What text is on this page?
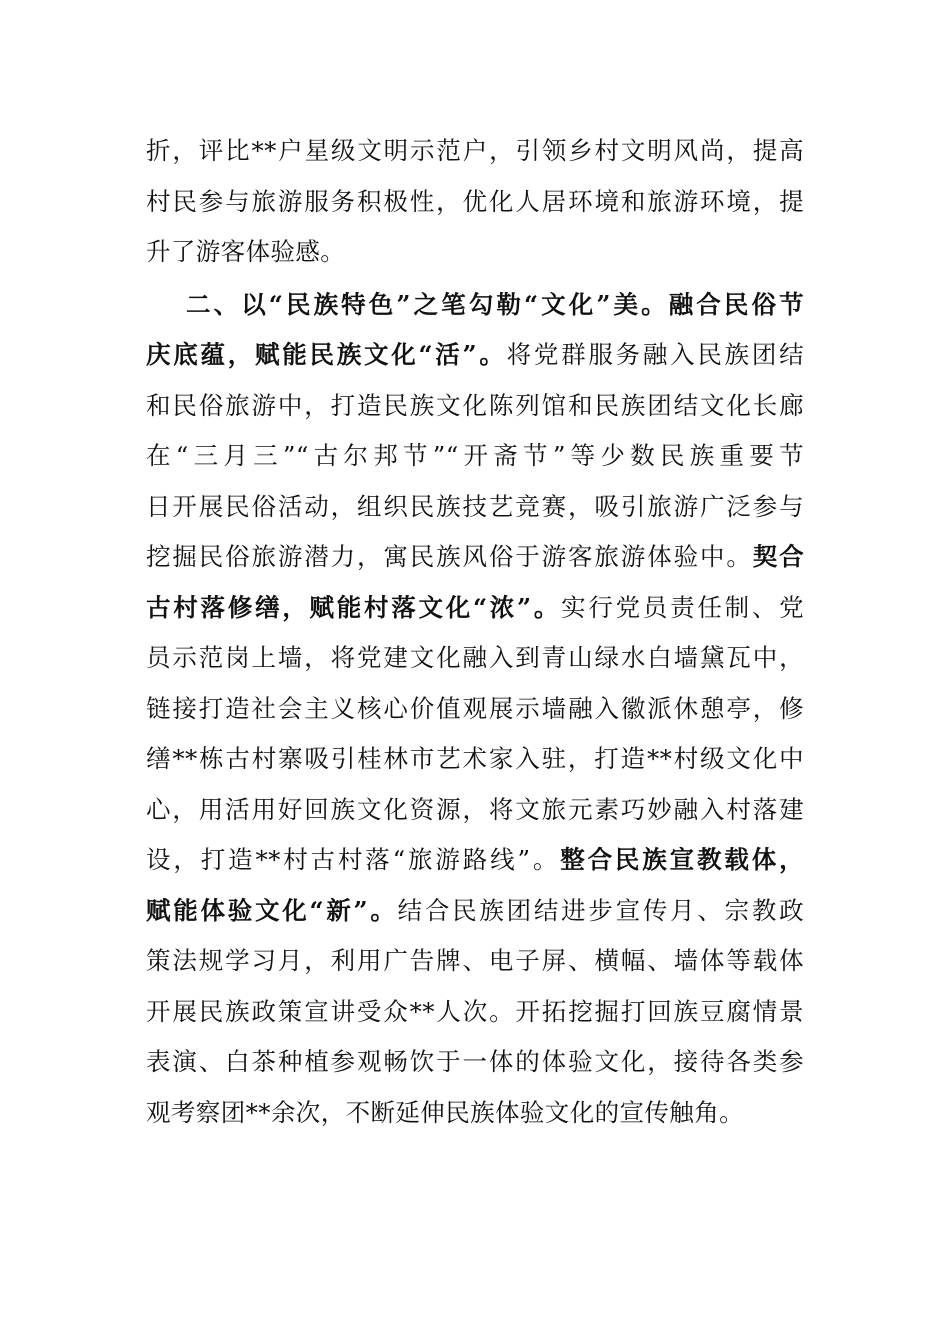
折，评比**户星级文明示范户，引领乡村文明风尚，提高
村民参与旅游服务积极性，优化人居环境和旅游环境，提
升了游客体验感。
二、以“民族特色”之笔勾勒“文化”美。融合民俗节
庆底蕴，赋能民族文化“活”。将党群服务融入民族团结
和民俗旅游中，打造民族文化陈列馆和民族团结文化长廊
在“三月三”“古尔邦节”“开斋节”等少数民族重要节
日开展民俗活动，组织民族技艺竞赛，吸引旅游广泛参与
挖掘民俗旅游潜力，寓民族风俗于游客旅游体验中。契合
古村落修缮，赋能村落文化“浓”。实行党员责任制、党
员示范岗上墙，将党建文化融入到青山绿水白墙黛瓦中，
链接打造社会主义核心价值观展示墙融入徽派休憩亭，修
缮**栋古村寨吸引桂林市艺术家入驻，打造**村级文化中
心，用活用好回族文化资源，将文旅元素巧妙融入村落建
设，打造**村古村落“旅游路线”。整合民族宣教载体，
赋能体验文化“新”。结合民族团结进步宣传月、宗教政
策法规学习月，利用广告牌、电子屏、横幅、墙体等载体
开展民族政策宣讲受众**人次。开拓挖掘打回族豆腐情景
表演、白茶种植参观畅饮于一体的体验文化，接待各类参
观考察团**余次，不断延伸民族体验文化的宣传触角。
